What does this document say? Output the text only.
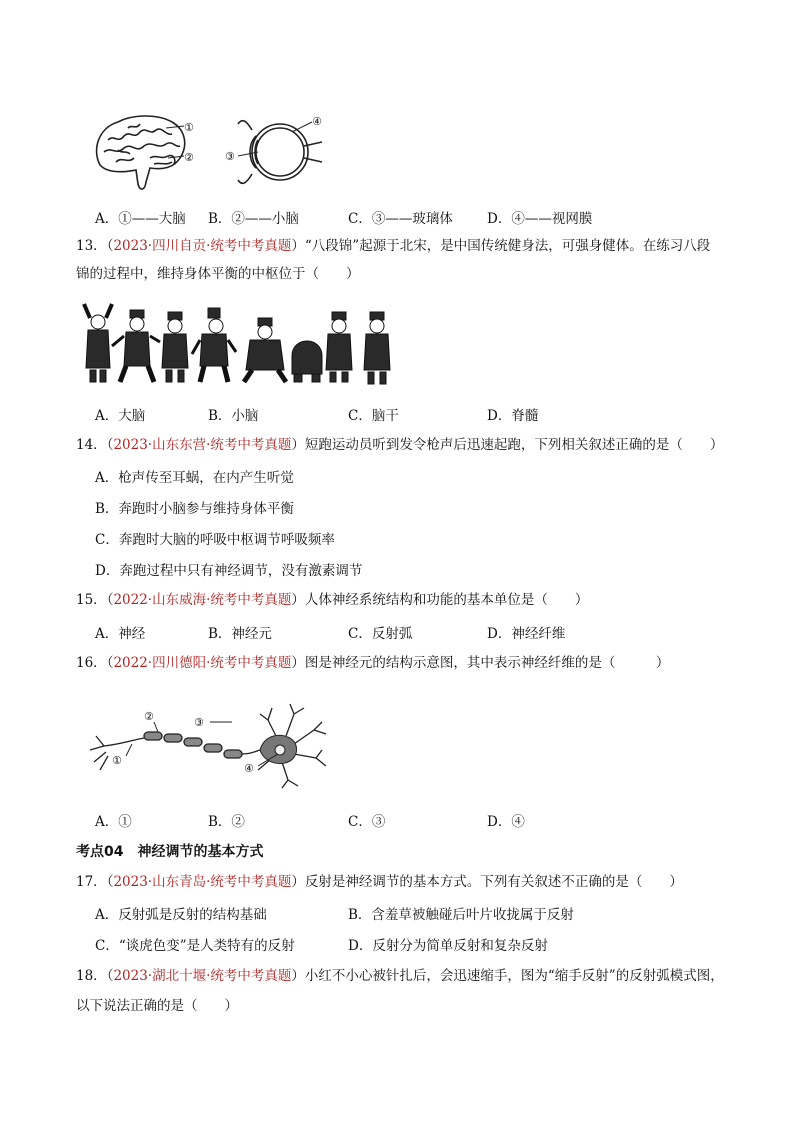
①
②
④
③
A．①——大脑 B．②——小脑	C．③——玻璃体	D．④——视网膜
13．（2023·四川自贡·统考中考真题）“八段锦”起源于北宋，是中国传统健身法，可强身健体。在练习八段
锦的过程中，维持身体平衡的中枢位于（　　）
A．大脑	B．小脑	C．脑干	D．脊髓
14．（2023·山东东营·统考中考真题）短跑运动员听到发令枪声后迅速起跑，下列相关叙述正确的是（　　）
A．枪声传至耳蜗，在内产生听觉
B．奔跑时小脑参与维持身体平衡
C．奔跑时大脑的呼吸中枢调节呼吸频率
D．奔跑过程中只有神经调节，没有激素调节
15．（2022·山东威海·统考中考真题）人体神经系统结构和功能的基本单位是（　　）
A．神经	B．神经元	C．反射弧	D．神经纤维
16．（2022·四川德阳·统考中考真题）图是神经元的结构示意图，其中表示神经纤维的是（　　　）
②
①
③
④
A．①	B．②	C．③	D．④
考点04　神经调节的基本方式
17．（2023·山东青岛·统考中考真题）反射是神经调节的基本方式。下列有关叙述不正确的是（　　）
A．反射弧是反射的结构基础	B．含羞草被触碰后叶片收拢属于反射
C．“谈虎色变”是人类特有的反射	D．反射分为简单反射和复杂反射
18．（2023·湖北十堰·统考中考真题）小红不小心被针扎后，会迅速缩手，图为“缩手反射”的反射弧模式图，
以下说法正确的是（　　）
